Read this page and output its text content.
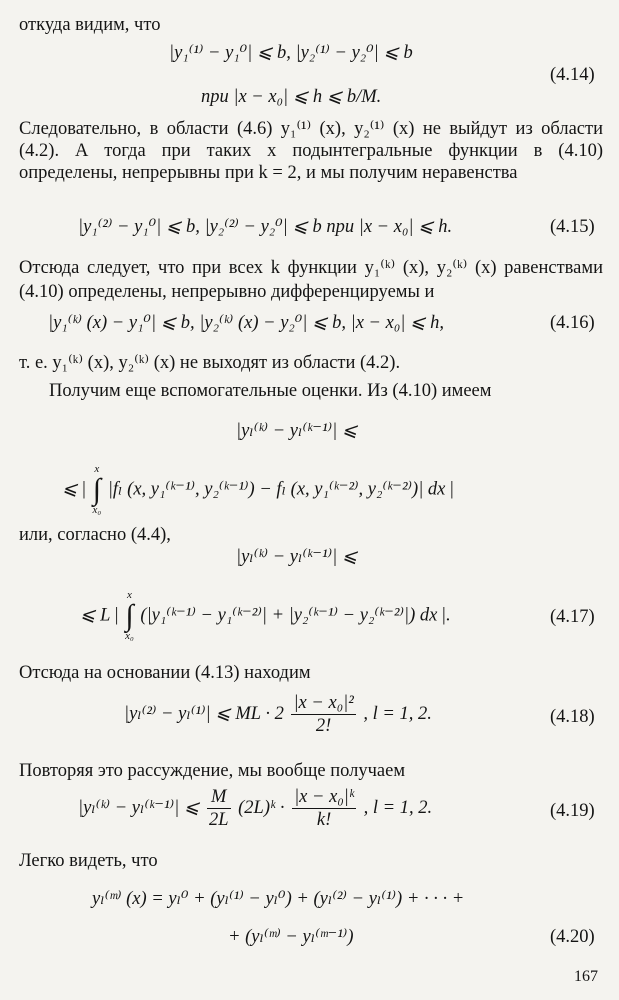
откуда видим, что
|y₁⁽¹⁾ − y₁⁰| ⩽ b, |y₂⁽¹⁾ − y₂⁰| ⩽ b
при |x − x₀| ⩽ h ⩽ b/M.
(4.14)
Следовательно, в области (4.6) y₁⁽¹⁾ (x), y₂⁽¹⁾ (x) не выйдут из области (4.2). А тогда при таких x подынтегральные функции в (4.10) определены, непрерывны при k = 2, и мы получим неравенства
|y₁⁽²⁾ − y₁⁰| ⩽ b, |y₂⁽²⁾ − y₂⁰| ⩽ b при |x − x₀| ⩽ h.	(4.15)
Отсюда следует, что при всех k функции y₁⁽ᵏ⁾ (x), y₂⁽ᵏ⁾ (x) равенствами (4.10) определены, непрерывно дифференцируемы и
|y₁⁽ᵏ⁾ (x) − y₁⁰| ⩽ b, |y₂⁽ᵏ⁾ (x) − y₂⁰| ⩽ b, |x − x₀| ⩽ h,	(4.16)
т. е. y₁⁽ᵏ⁾ (x), y₂⁽ᵏ⁾ (x) не выходят из области (4.2).
Получим еще вспомогательные оценки. Из (4.10) имеем
|yₗ⁽ᵏ⁾ − yₗ⁽ᵏ⁻¹⁾| ⩽
⩽ |
x
∫
x₀
|fₗ (x, y₁⁽ᵏ⁻¹⁾, y₂⁽ᵏ⁻¹⁾) − fₗ (x, y₁⁽ᵏ⁻²⁾, y₂⁽ᵏ⁻²⁾)| dx |
или, согласно (4.4),
|yₗ⁽ᵏ⁾ − yₗ⁽ᵏ⁻¹⁾| ⩽
⩽ L |
x
∫
x₀
(|y₁⁽ᵏ⁻¹⁾ − y₁⁽ᵏ⁻²⁾| + |y₂⁽ᵏ⁻¹⁾ − y₂⁽ᵏ⁻²⁾|) dx |.	(4.17)
Отсюда на основании (4.13) находим
|yₗ⁽²⁾ − yₗ⁽¹⁾| ⩽ ML · $2 \frac{\text{|x − x₀|²}}{2!}$ , l = 1, 2.	(4.18)
Повторяя это рассуждение, мы вообще получаем
|yₗ⁽ᵏ⁾ − yₗ⁽ᵏ⁻¹⁾| ⩽ $\frac{M}{2L}$ (2L)ᵏ · $\frac{\text{|x − x₀|ᵏ}}{k!}$ , l = 1, 2.	(4.19)
Легко видеть, что
yₗ⁽ᵐ⁾ (x) = yₗ⁰ + (yₗ⁽¹⁾ − yₗ⁰) + (yₗ⁽²⁾ − yₗ⁽¹⁾) + · · · +
+ (yₗ⁽ᵐ⁾ − yₗ⁽ᵐ⁻¹⁾)	(4.20)
167
